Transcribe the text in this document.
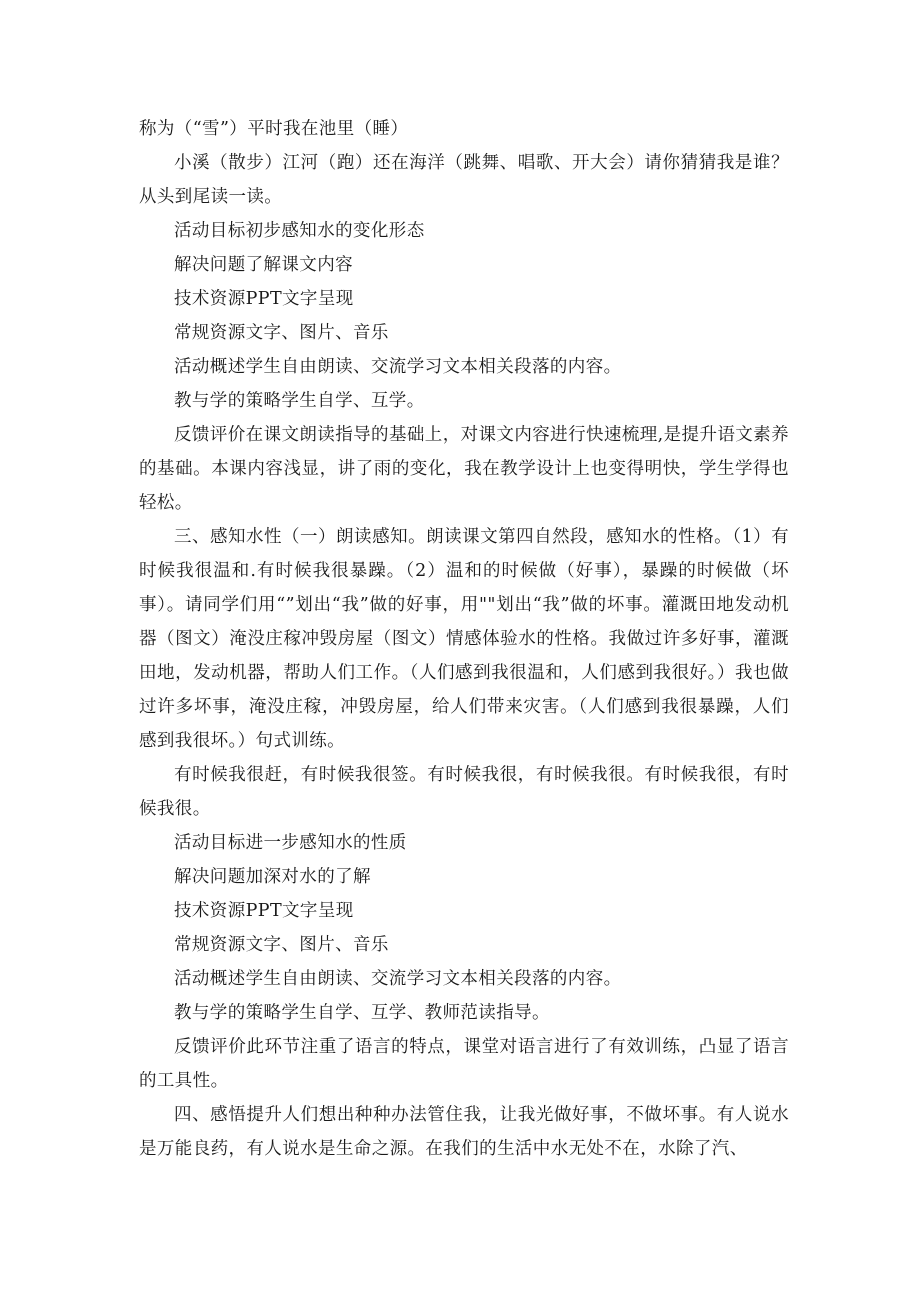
称为（“雪”）平时我在池里（睡）

小溪（散步）江河（跑）还在海洋（跳舞、唱歌、开大会）请你猜猜我是谁？从头到尾读一读。

活动目标初步感知水的变化形态

解决问题了解课文内容

技术资源PPT文字呈现

常规资源文字、图片、音乐

活动概述学生自由朗读、交流学习文本相关段落的内容。

教与学的策略学生自学、互学。

反馈评价在课文朗读指导的基础上，对课文内容进行快速梳理,是提升语文素养的基础。本课内容浅显，讲了雨的变化，我在教学设计上也变得明快，学生学得也轻松。

三、感知水性（一）朗读感知。朗读课文第四自然段，感知水的性格。（1）有时候我很温和.有时候我很暴躁。（2）温和的时候做（好事），暴躁的时候做（坏事）。请同学们用“”划出“我”做的好事，用""划出“我”做的坏事。灌溉田地发动机器（图文）淹没庄稼冲毁房屋（图文）情感体验水的性格。我做过许多好事，灌溉田地，发动机器，帮助人们工作。（人们感到我很温和，人们感到我很好。）我也做过许多坏事，淹没庄稼，冲毁房屋，给人们带来灾害。（人们感到我很暴躁，人们感到我很坏。）句式训练。

有时候我很赶，有时候我很签。有时候我很，有时候我很。有时候我很，有时候我很。

活动目标进一步感知水的性质

解决问题加深对水的了解

技术资源PPT文字呈现

常规资源文字、图片、音乐

活动概述学生自由朗读、交流学习文本相关段落的内容。

教与学的策略学生自学、互学、教师范读指导。

反馈评价此环节注重了语言的特点，课堂对语言进行了有效训练，凸显了语言的工具性。

四、感悟提升人们想出种种办法管住我，让我光做好事，不做坏事。有人说水是万能良药，有人说水是生命之源。在我们的生活中水无处不在，水除了汽、
